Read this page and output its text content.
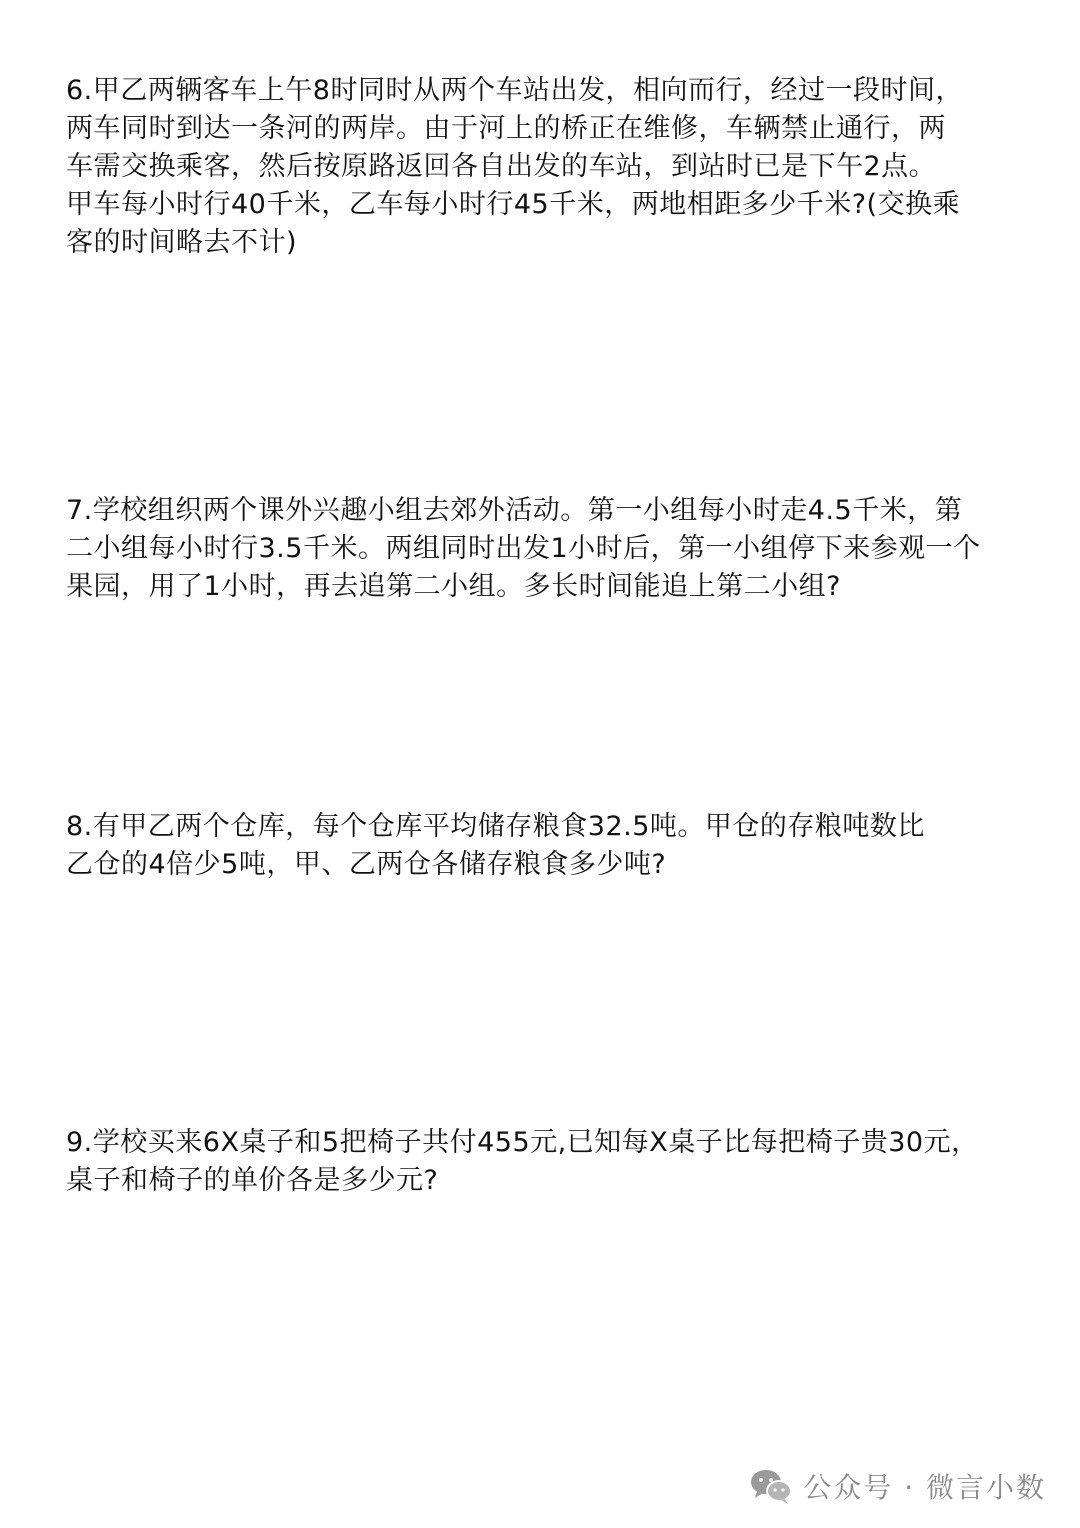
6.甲乙两辆客车上午8时同时从两个车站出发，相向而行，经过一段时间，
两车同时到达一条河的两岸。由于河上的桥正在维修，车辆禁止通行，两
车需交换乘客，然后按原路返回各自出发的车站，到站时已是下午2点。
甲车每小时行40千米，乙车每小时行45千米，两地相距多少千米?(交换乘
客的时间略去不计)
7.学校组织两个课外兴趣小组去郊外活动。第一小组每小时走4.5千米，第
二小组每小时行3.5千米。两组同时出发1小时后，第一小组停下来参观一个
果园，用了1小时，再去追第二小组。多长时间能追上第二小组?
8.有甲乙两个仓库，每个仓库平均储存粮食32.5吨。甲仓的存粮吨数比
乙仓的4倍少5吨，甲、乙两仓各储存粮食多少吨?
9.学校买来6X桌子和5把椅子共付455元,已知每X桌子比每把椅子贵30元，
桌子和椅子的单价各是多少元?
公众号 · 微言小数
